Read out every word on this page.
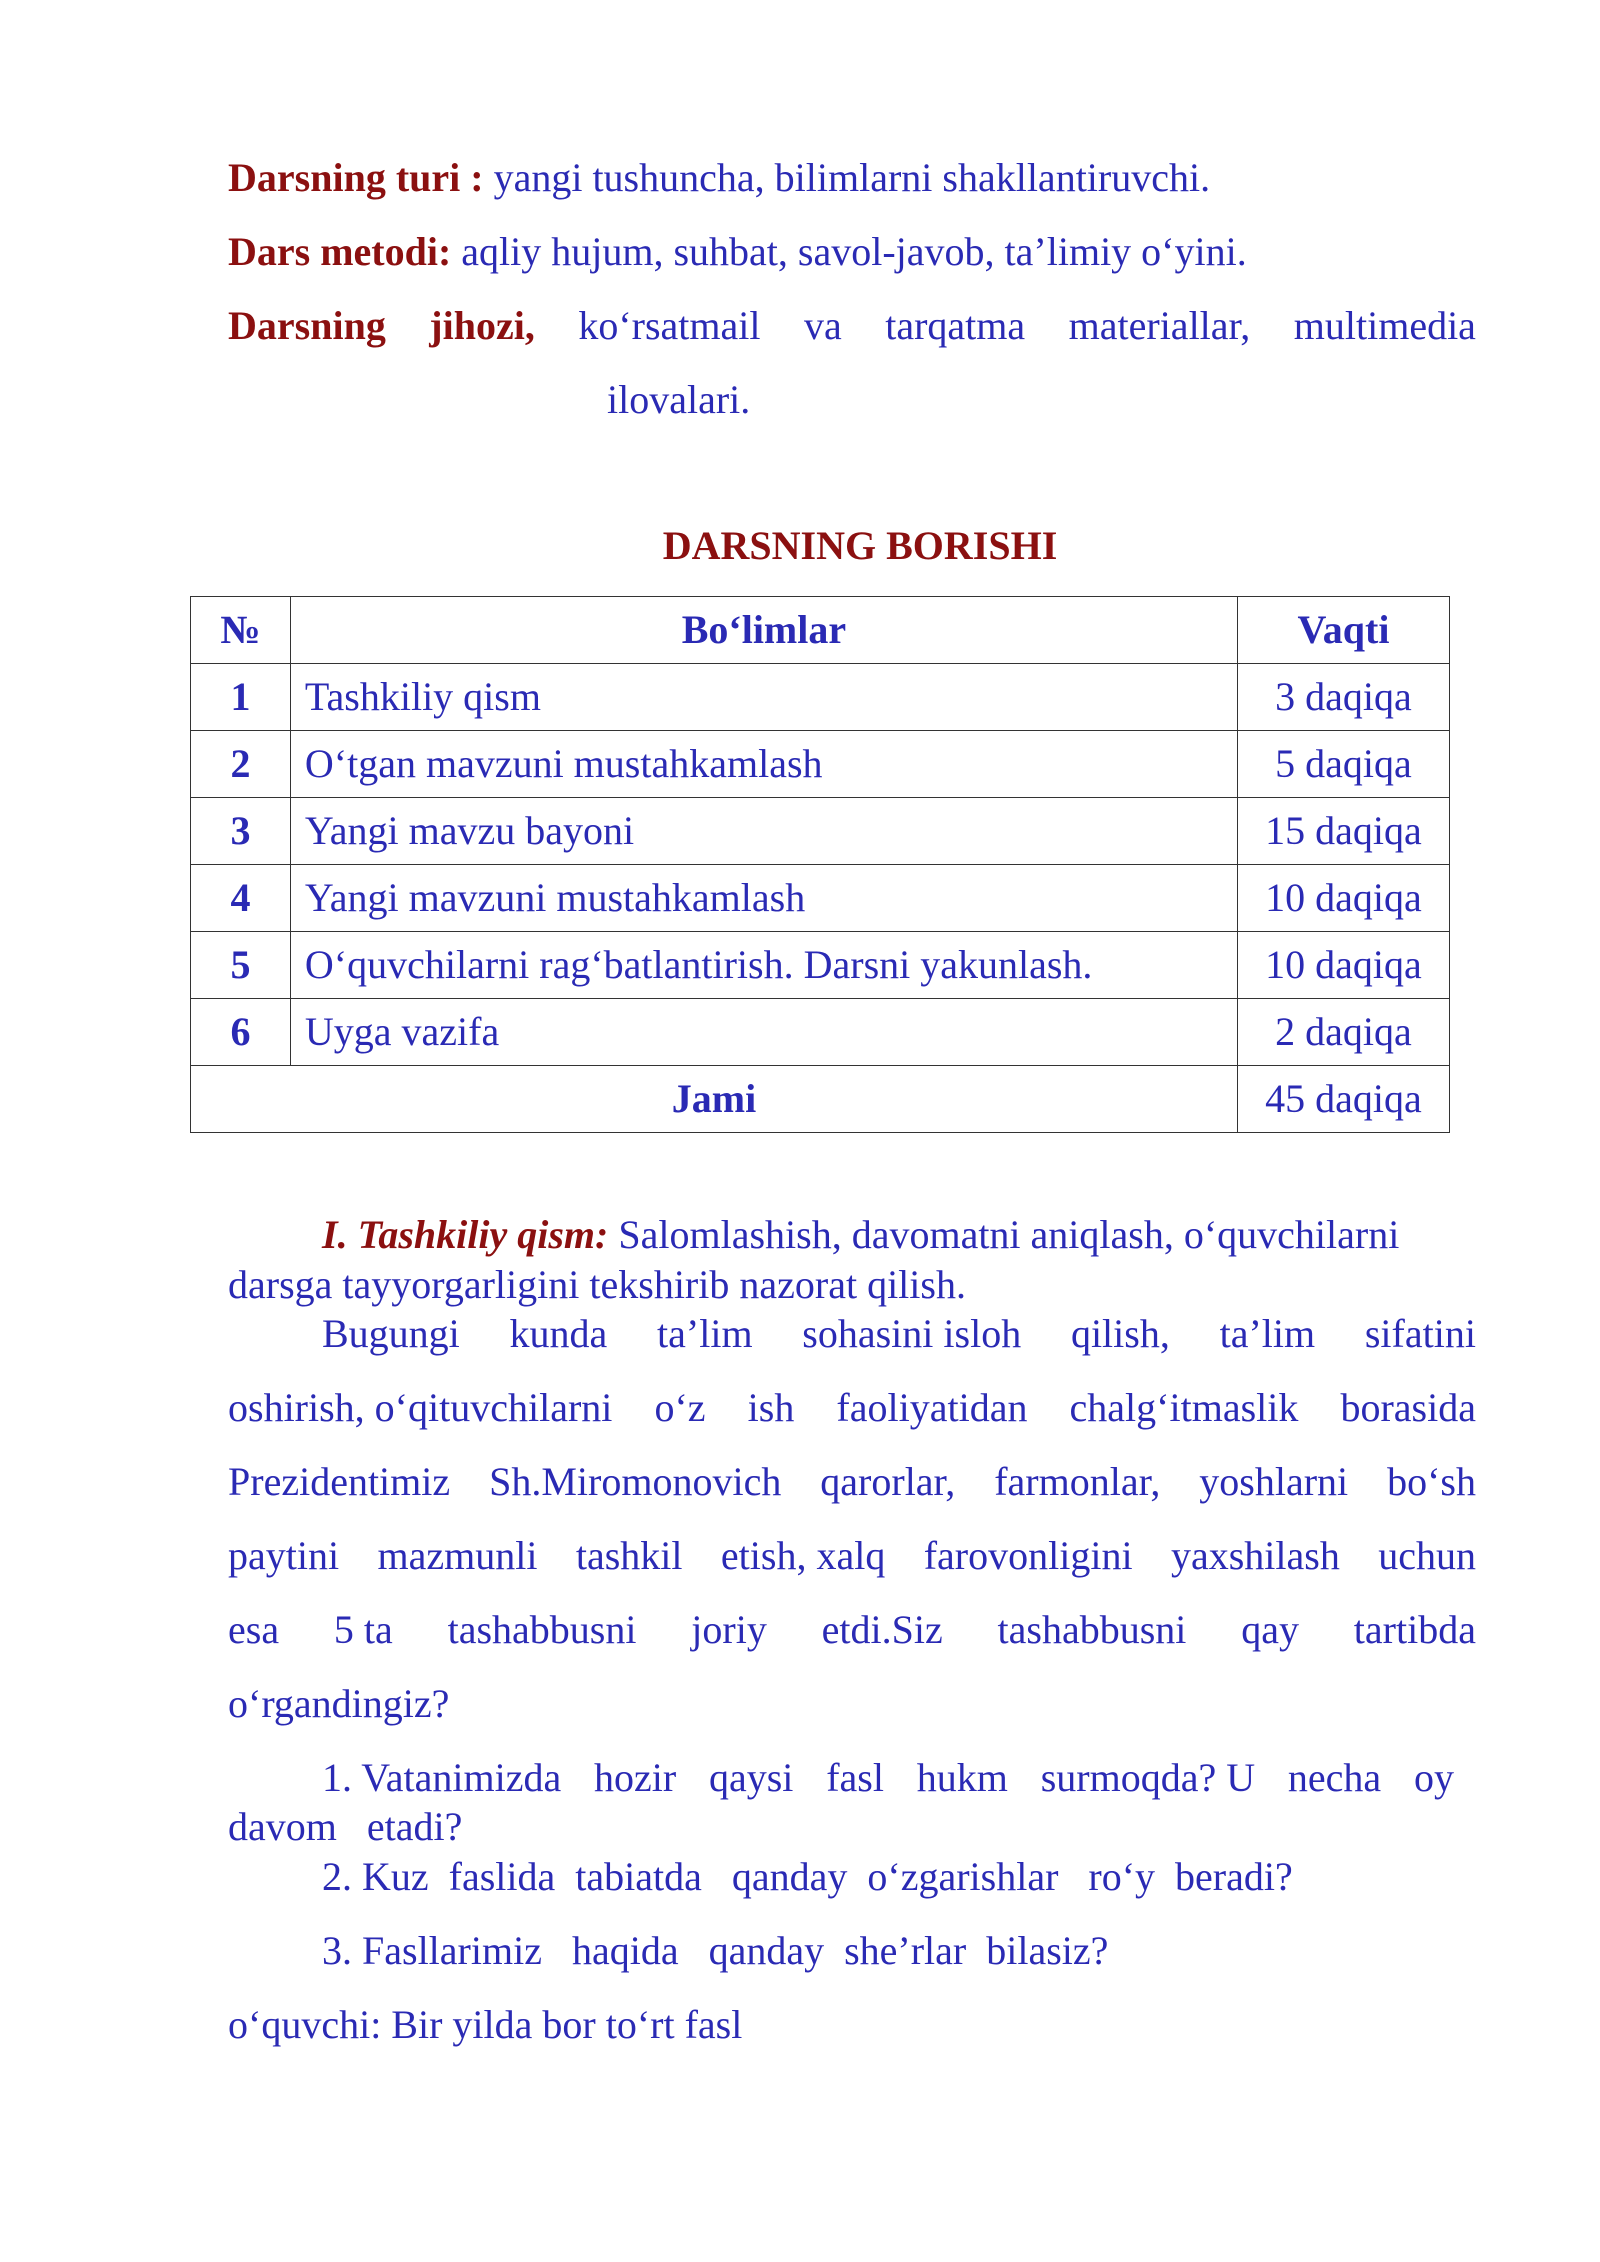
Darsning turi : yangi tushuncha, bilimlarni shakllantiruvchi.
Dars metodi: aqliy hujum, suhbat, savol-javob, ta’limiy o‘yini.
Darsning jihozi, ko‘rsatmail va tarqatma materiallar, multimedia
ilovalari.
DARSNING BORISHI
№	Bo‘limlar	Vaqti
1	Tashkiliy qism	3 daqiqa
2	O‘tgan mavzuni mustahkamlash	5 daqiqa
3	Yangi mavzu bayoni	15 daqiqa
4	Yangi mavzuni mustahkamlash	10 daqiqa
5	O‘quvchilarni rag‘batlantirish. Darsni yakunlash.	10 daqiqa
6	Uyga vazifa	2 daqiqa
Jami		45 daqiqa
I. Tashkiliy qism: Salomlashish, davomatni aniqlash, o‘quvchilarni
darsga tayyorgarligini tekshirib nazorat qilish.
Bugungi kunda ta’lim sohasini isloh qilish, ta’lim sifatini
oshirish, o‘qituvchilarni o‘z ish faoliyatidan chalg‘itmaslik borasida
Prezidentimiz Sh.Miromonovich qarorlar, farmonlar, yoshlarni bo‘sh
paytini mazmunli tashkil etish, xalq farovonligini yaxshilash uchun
esa 5 ta tashabbusni joriy etdi.Siz tashabbusni qay tartibda
o‘rgandingiz?
1. Vatanimizda hozir qaysi fasl hukm surmoqda? U necha oy
davom   etadi?
2. Kuz  faslida  tabiatda   qanday  o‘zgarishlar   ro‘y  beradi?
3. Fasllarimiz   haqida   qanday  she’rlar  bilasiz?
o‘quvchi: Bir yilda bor to‘rt fasl
